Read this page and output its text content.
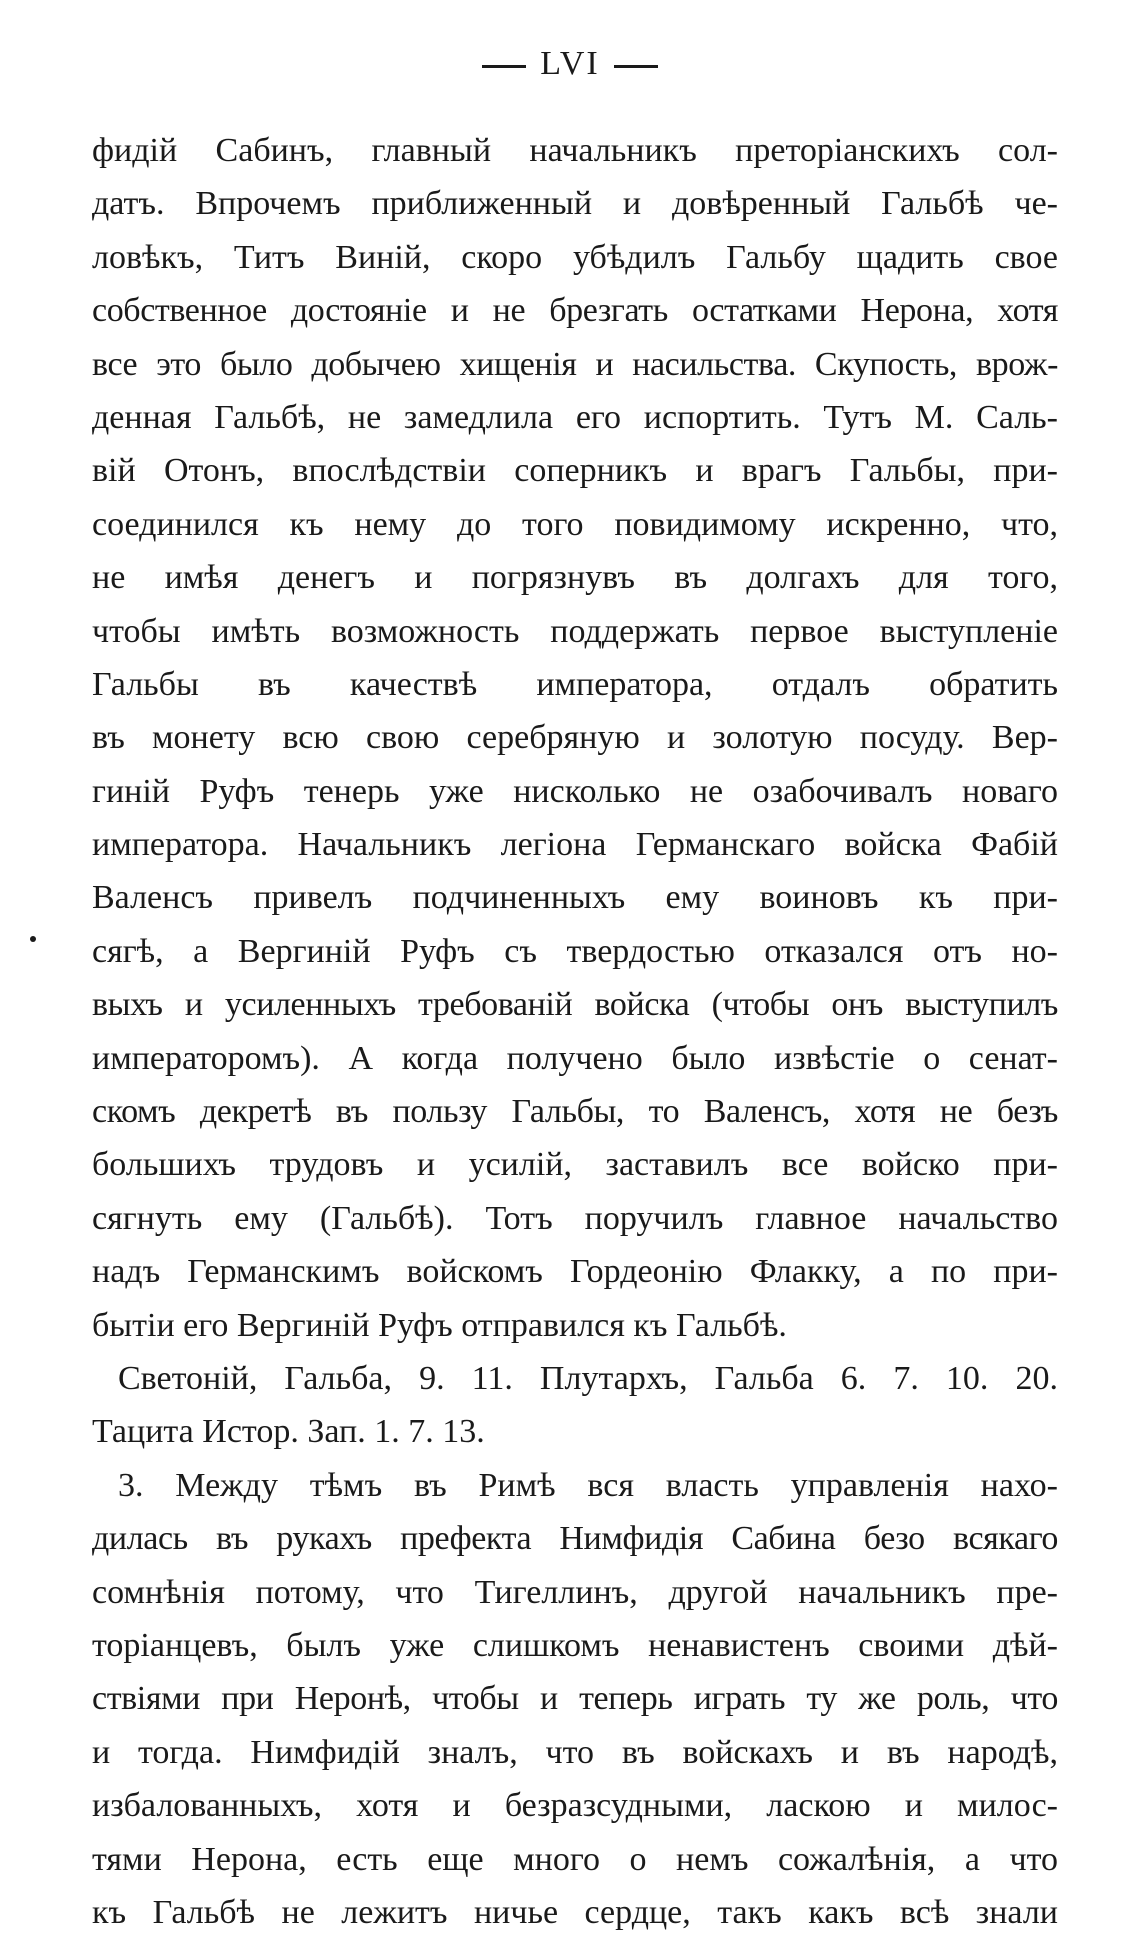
LVI
фидій Сабинъ, главный начальникъ преторіанскихъ сол-
датъ. Впрочемъ приближенный и довѣренный Гальбѣ че-
ловѣкъ, Титъ Виній, скоро убѣдилъ Гальбу щадить свое
собственное достояніе и не брезгать остатками Нерона, хотя
все это было добычею хищенія и насильства. Скупость, врож-
денная Гальбѣ, не замедлила его испортить. Тутъ М. Саль-
вій Отонъ, впослѣдствіи соперникъ и врагъ Гальбы, при-
соединился къ нему до того повидимому искренно, что,
не имѣя денегъ и погрязнувъ въ долгахъ для того,
чтобы имѣть возможность поддержать первое выступленіе
Гальбы въ качествѣ императора, отдалъ обратить
въ монету всю свою серебряную и золотую посуду. Вер-
гиній Руфъ тенерь уже нисколько не озабочивалъ новаго
императора. Начальникъ легіона Германскаго войска Фабій
Валенсъ привелъ подчиненныхъ ему воиновъ къ при-
сягѣ, а Вергиній Руфъ съ твердостью отказался отъ но-
выхъ и усиленныхъ требованій войска (чтобы онъ выступилъ
императоромъ). А когда получено было извѣстіе о сенат-
скомъ декретѣ въ пользу Гальбы, то Валенсъ, хотя не безъ
большихъ трудовъ и усилій, заставилъ все войско при-
сягнуть ему (Гальбѣ). Тотъ поручилъ главное начальство
надъ Германскимъ войскомъ Гордеонію Флакку, а по при-
бытіи его Вергиній Руфъ отправился къ Гальбѣ.
Светоній, Гальба, 9. 11. Плутархъ, Гальба 6. 7. 10. 20.
Тацита Истор. Зап. 1. 7. 13.
3. Между тѣмъ въ Римѣ вся власть управленія нахо-
дилась въ рукахъ префекта Нимфидія Сабина безо всякаго
сомнѣнія потому, что Тигеллинъ, другой начальникъ пре-
торіанцевъ, былъ уже слишкомъ ненавистенъ своими дѣй-
ствіями при Неронѣ, чтобы и теперь играть ту же роль, что
и тогда. Нимфидій зналъ, что въ войскахъ и въ народѣ,
избалованныхъ, хотя и безразсудными, ласкою и милос-
тями Нерона, есть еще много о немъ сожалѣнія, а что
къ Гальбѣ не лежитъ ничье сердце, такъ какъ всѣ знали
